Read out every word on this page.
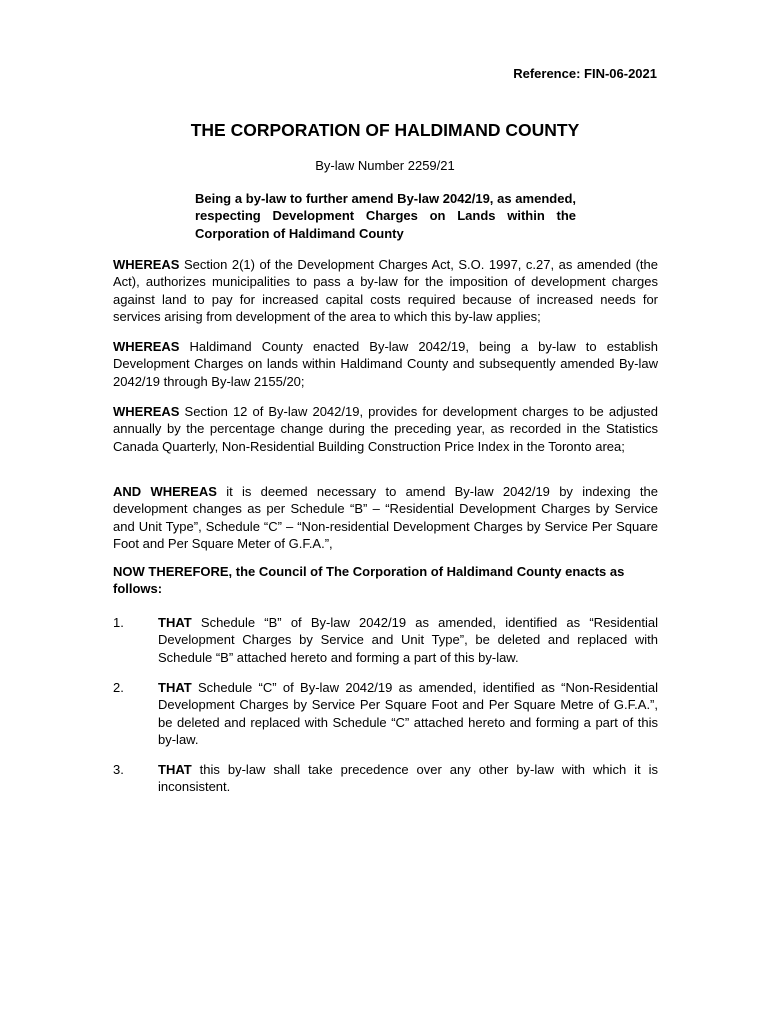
Reference: FIN-06-2021
THE CORPORATION OF HALDIMAND COUNTY
By-law Number 2259/21
Being a by-law to further amend By-law 2042/19, as amended, respecting Development Charges on Lands within the Corporation of Haldimand County
WHEREAS Section 2(1) of the Development Charges Act, S.O. 1997, c.27, as amended (the Act), authorizes municipalities to pass a by-law for the imposition of development charges against land to pay for increased capital costs required because of increased needs for services arising from development of the area to which this by-law applies;
WHEREAS Haldimand County enacted By-law 2042/19, being a by-law to establish Development Charges on lands within Haldimand County and subsequently amended By-law 2042/19 through By-law 2155/20;
WHEREAS Section 12 of By-law 2042/19, provides for development charges to be adjusted annually by the percentage change during the preceding year, as recorded in the Statistics Canada Quarterly, Non-Residential Building Construction Price Index in the Toronto area;
AND WHEREAS it is deemed necessary to amend By-law 2042/19 by indexing the development changes as per Schedule “B” – “Residential Development Charges by Service and Unit Type”, Schedule “C” – “Non-residential Development Charges by Service Per Square Foot and Per Square Meter of G.F.A.”,
NOW THEREFORE, the Council of The Corporation of Haldimand County enacts as follows:
1.	THAT Schedule “B” of By-law 2042/19 as amended, identified as “Residential Development Charges by Service and Unit Type”, be deleted and replaced with Schedule “B” attached hereto and forming a part of this by-law.
2.	THAT Schedule “C” of By-law 2042/19 as amended, identified as “Non-Residential Development Charges by Service Per Square Foot and Per Square Metre of G.F.A.”, be deleted and replaced with Schedule “C” attached hereto and forming a part of this by-law.
3.	THAT this by-law shall take precedence over any other by-law with which it is inconsistent.
